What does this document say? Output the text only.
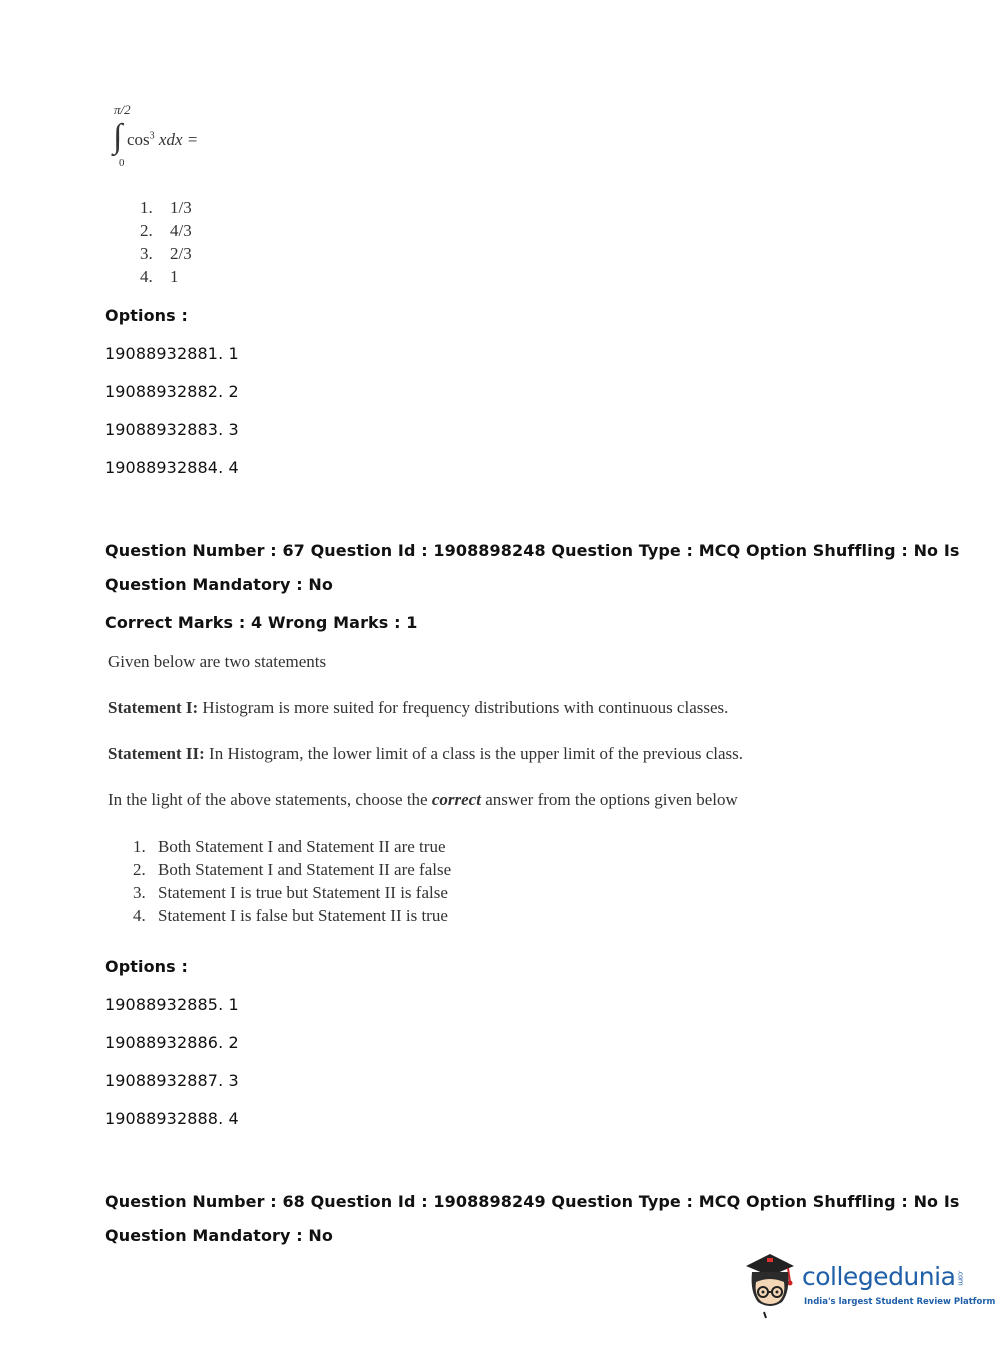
π/2
∫
0
$\cos^3$ xdx =
1. 1/3
2. 4/3
3. 2/3
4. 1
Options :
19088932881. 1
19088932882. 2
19088932883. 3
19088932884. 4
Question Number : 67 Question Id : 1908898248 Question Type : MCQ Option Shuffling : No Is
Question Mandatory : No
Correct Marks : 4 Wrong Marks : 1
Given below are two statements
Statement I: Histogram is more suited for frequency distributions with continuous classes.
Statement II: In Histogram, the lower limit of a class is the upper limit of the previous class.
In the light of the above statements, choose the correct answer from the options given below
1. Both Statement I and Statement II are true
2. Both Statement I and Statement II are false
3. Statement I is true but Statement II is false
4. Statement I is false but Statement II is true
Options :
19088932885. 1
19088932886. 2
19088932887. 3
19088932888. 4
Question Number : 68 Question Id : 1908898249 Question Type : MCQ Option Shuffling : No Is
Question Mandatory : No
collegedunia.com
India's largest Student Review Platform
